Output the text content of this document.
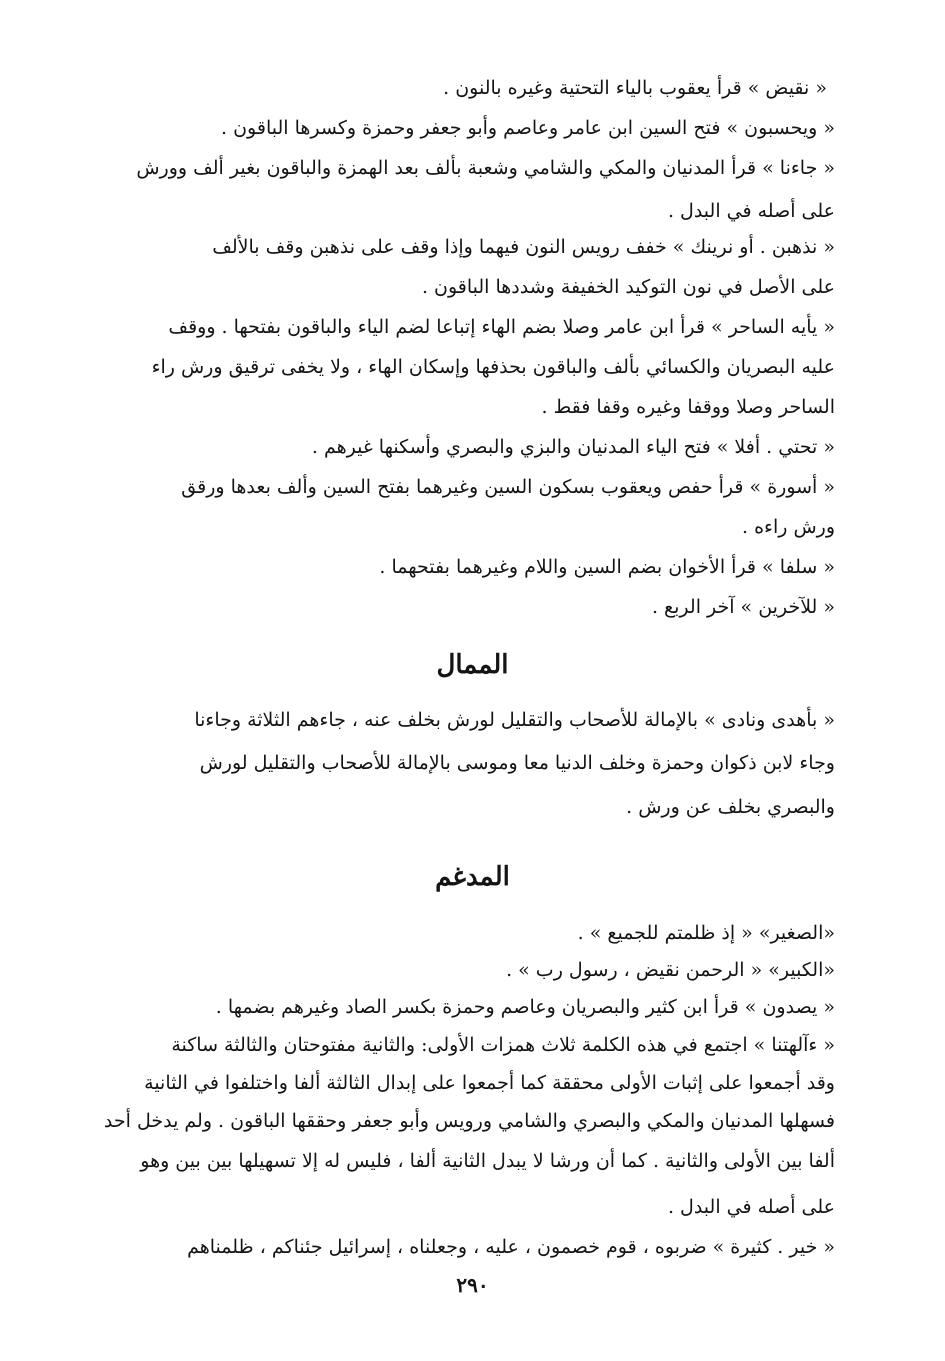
« نقيض » قرأ يعقوب بالياء التحتية وغيره بالنون .
« ويحسبون » فتح السين ابن عامر وعاصم وأبو جعفر وحمزة وكسرها الباقون .
« جاءنا » قرأ المدنيان والمكي والشامي وشعبة بألف بعد الهمزة والباقون بغير ألف وورش
على أصله في البدل .
« نذهبن . أو نرينك » خفف رويس النون فيهما وإذا وقف على نذهبن وقف بالألف
على الأصل في نون التوكيد الخفيفة وشددها الباقون .
« يأيه الساحر » قرأ ابن عامر وصلا بضم الهاء إتباعا لضم الياء والباقون بفتحها . ووقف
عليه البصريان والكسائي بألف والباقون بحذفها وإسكان الهاء ، ولا يخفى ترقيق ورش راء
الساحر وصلا ووقفا وغيره وقفا فقط .
« تحتي . أفلا » فتح الياء المدنيان والبزي والبصري وأسكنها غيرهم .
« أسورة » قرأ حفص ويعقوب بسكون السين وغيرهما بفتح السين وألف بعدها ورقق
ورش راءه .
« سلفا » قرأ الأخوان بضم السين واللام وغيرهما بفتحهما .
« للآخرين » آخر الربع .
الممال
« بأهدى ونادى » بالإمالة للأصحاب والتقليل لورش بخلف عنه ، جاءهم الثلاثة وجاءنا
وجاء لابن ذكوان وحمزة وخلف الدنيا معا وموسى بالإمالة للأصحاب والتقليل لورش
والبصري بخلف عن ورش .
المدغم
«الصغير» « إذ ظلمتم للجميع » .
«الكبير» « الرحمن نقيض ، رسول رب » .
« يصدون » قرأ ابن كثير والبصريان وعاصم وحمزة بكسر الصاد وغيرهم بضمها .
« ءآلهتنا » اجتمع في هذه الكلمة ثلاث همزات الأولى: والثانية مفتوحتان والثالثة ساكنة
وقد أجمعوا على إثبات الأولى محققة كما أجمعوا على إبدال الثالثة ألفا واختلفوا في الثانية
فسهلها المدنيان والمكي والبصري والشامي ورويس وأبو جعفر وحققها الباقون . ولم يدخل أحد
ألفا بين الأولى والثانية . كما أن ورشا لا يبدل الثانية ألفا ، فليس له إلا تسهيلها بين بين وهو
على أصله في البدل .
« خير . كثيرة » ضربوه ، قوم خصمون ، عليه ، وجعلناه ، إسرائيل جئناكم ، ظلمناهم
٢٩٠
